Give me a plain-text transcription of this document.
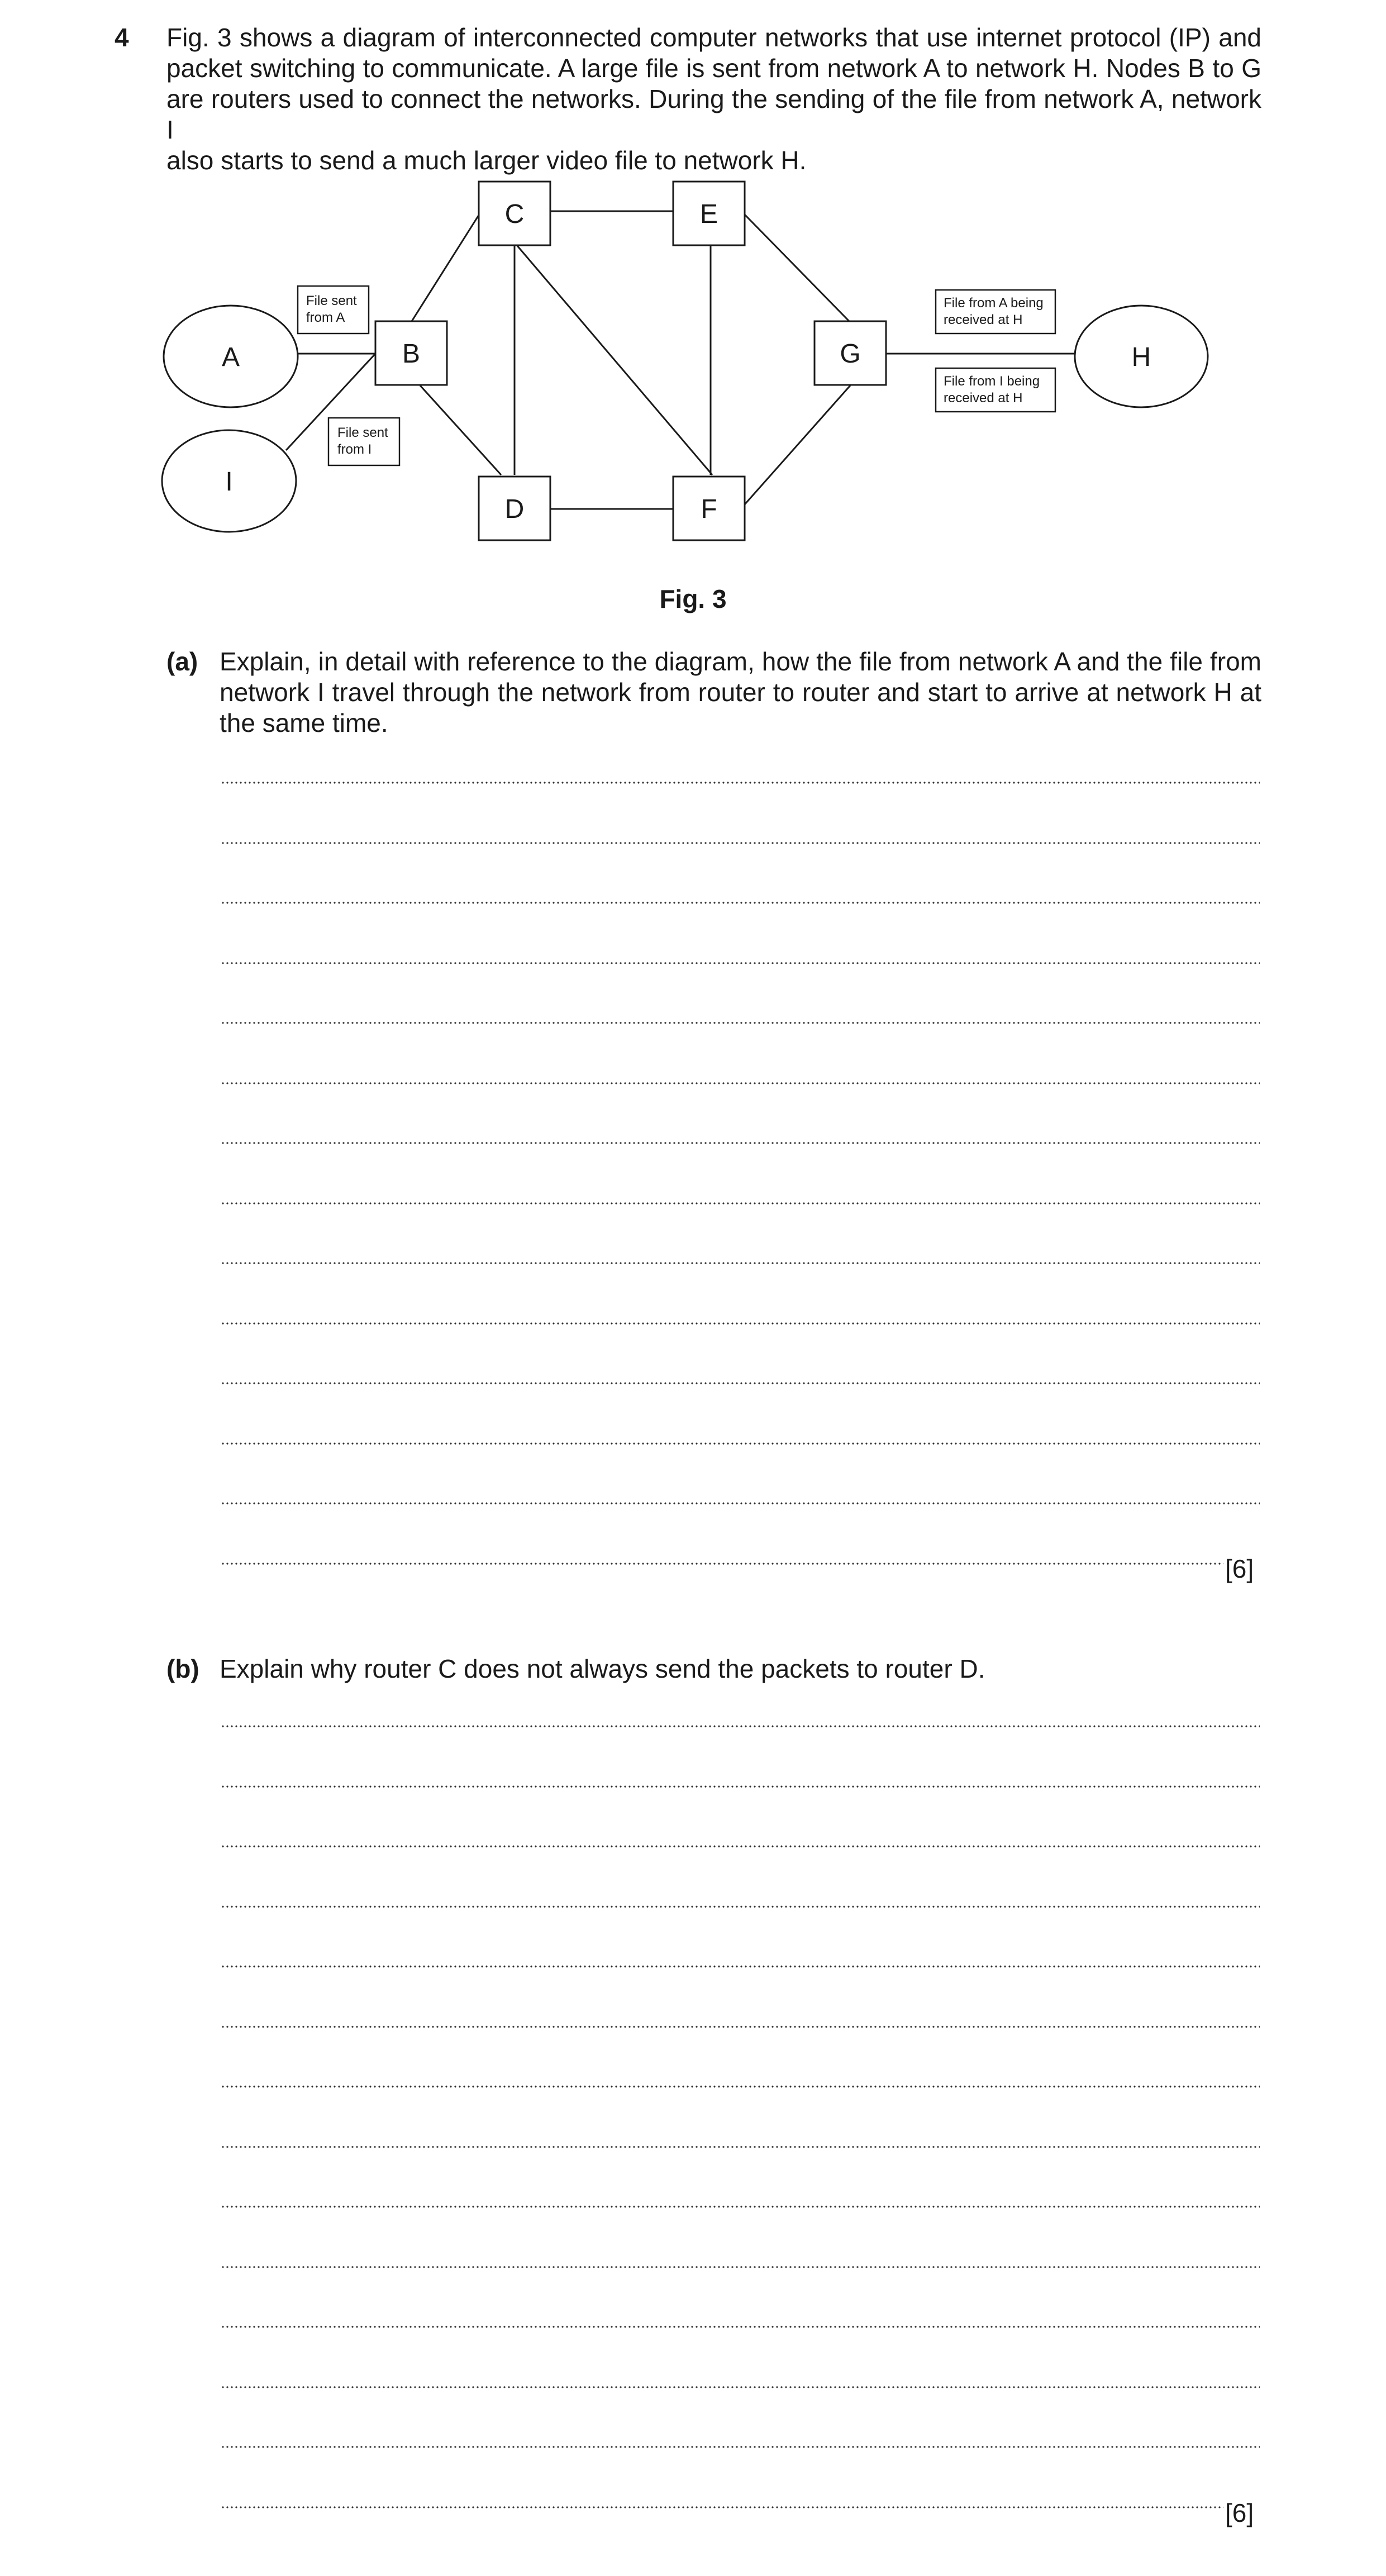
4 Fig. 3 shows a diagram of interconnected computer networks that use internet protocol (IP) and
packet switching to communicate. A large file is sent from network A to network H. Nodes B to G
are routers used to connect the networks. During the sending of the file from network A, network I
also starts to send a much larger video file to network H.
A
I
H
B
C
D
E
F
G
File sent
from A
File sent
from I
File from A being
received at H
File from I being
received at H
Fig. 3
(a) Explain, in detail with reference to the diagram, how the file from network A and the file from
network I travel through the network from router to router and start to arrive at network H at
the same time.
[6]
(b) Explain why router C does not always send the packets to router D.
[6]
